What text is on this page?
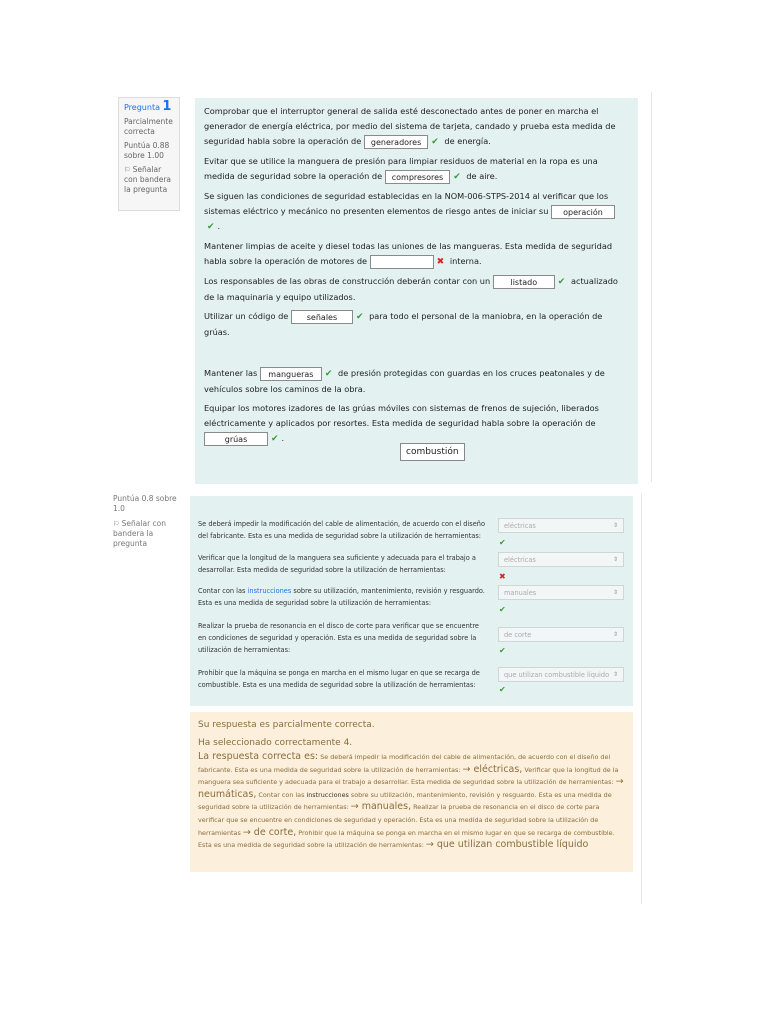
Pregunta 1

Parcialmente correcta

Puntúa 0.88 sobre 1.00

⚐ Señalar con bandera la pregunta

Comprobar que el interruptor general de salida esté desconectado antes de poner en marcha el generador de energía eléctrica, por medio del sistema de tarjeta, candado y prueba esta medida de seguridad habla sobre la operación de generadores ✔ de energía.

Evitar que se utilice la manguera de presión para limpiar residuos de material en la ropa es una medida de seguridad sobre la operación de compresores ✔ de aire.

Se siguen las condiciones de seguridad establecidas en la NOM-006-STPS-2014 al verificar que los sistemas eléctrico y mecánico no presenten elementos de riesgo antes de iniciar su operación✔ .

Mantener limpias de aceite y diesel todas las uniones de las mangueras. Esta medida de seguridad habla sobre la operación de motores de	✖ interna.

Los responsables de las obras de construcción deberán contar con un	listado ✔ actualizado de la maquinaria y equipo utilizados.

Utilizar un código de señales ✔ para todo el personal de la maniobra, en la operación de grúas.

Mantener las mangueras ✔ de presión protegidas con guardas en los cruces peatonales y de vehículos sobre los caminos de la obra.

Equipar los motores izadores de las grúas móviles con sistemas de frenos de sujeción, liberados eléctricamente y aplicados por resortes. Esta medida de seguridad habla sobre la operación de grúas	✔ .

combustión

Puntúa 0.8 sobre 1.0

⚐ Señalar con bandera la pregunta

Se deberá impedir la modificación del cable de alimentación, de acuerdo con el diseño del fabricante. Esta es una medida de seguridad sobre la utilización de herramientas:
eléctricas	⇕
✔
Verificar que la longitud de la manguera sea suficiente y adecuada para el trabajo a desarrollar. Esta medida de seguridad sobre la utilización de herramientas:
eléctricas	⇕
✖
Contar con las instrucciones sobre su utilización, mantenimiento, revisión y resguardo. Esta es una medida de seguridad sobre la utilización de herramientas:
manuales	⇕
✔
Realizar la prueba de resonancia en el disco de corte para verificar que se encuentre en condiciones de seguridad y operación. Esta es una medida de seguridad sobre la utilización de herramientas:
de corte	⇕
✔
Prohibir que la máquina se ponga en marcha en el mismo lugar en que se recarga de combustible. Esta es una medida de seguridad sobre la utilización de herramientas:
que utilizan combustible líquido ⇕
✔

Su respuesta es parcialmente correcta.

Ha seleccionado correctamente 4.

La respuesta correcta es: Se deberá impedir la modificación del cable de alimentación, de acuerdo con el diseño del fabricante. Esta es una medida de seguridad sobre la utilización de herramientas: → eléctricas, Verificar que la longitud de la manguera sea suficiente y adecuada para el trabajo a desarrollar. Esta medida de seguridad sobre la utilización de herramientas: → neumáticas, Contar con las instrucciones sobre su utilización, mantenimiento, revisión y resguardo. Esta es una medida de seguridad sobre la utilización de herramientas: → manuales, Realizar la prueba de resonancia en el disco de corte para verificar que se encuentre en condiciones de seguridad y operación. Esta es una medida de seguridad sobre la utilización de herramientas → de corte, Prohibir que la máquina se ponga en marcha en el mismo lugar en que se recarga de combustible. Esta es una medida de seguridad sobre la utilización de herramientas: → que utilizan combustible líquido
